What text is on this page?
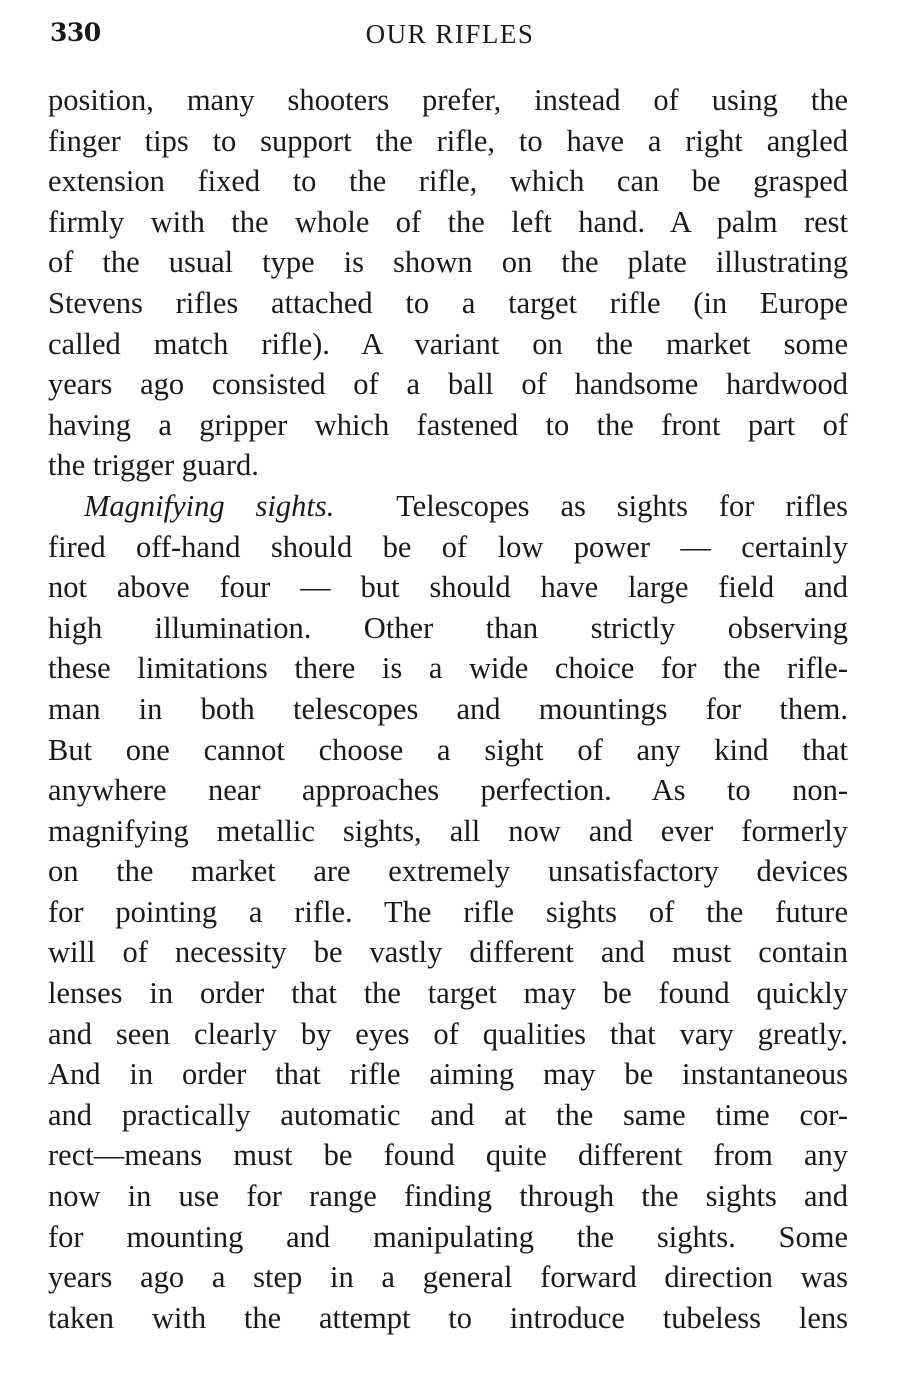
330	OUR RIFLES
position, many shooters prefer, instead of using the
finger tips to support the rifle, to have a right angled
extension fixed to the rifle, which can be grasped
firmly with the whole of the left hand. A palm rest
of the usual type is shown on the plate illustrating
Stevens rifles attached to a target rifle (in Europe
called match rifle). A variant on the market some
years ago consisted of a ball of handsome hardwood
having a gripper which fastened to the front part of
the trigger guard.
Magnifying sights. Telescopes as sights for rifles
fired off-hand should be of low power — certainly
not above four — but should have large field and
high illumination. Other than strictly observing
these limitations there is a wide choice for the rifle-
man in both telescopes and mountings for them.
But one cannot choose a sight of any kind that
anywhere near approaches perfection. As to non-
magnifying metallic sights, all now and ever formerly
on the market are extremely unsatisfactory devices
for pointing a rifle. The rifle sights of the future
will of necessity be vastly different and must contain
lenses in order that the target may be found quickly
and seen clearly by eyes of qualities that vary greatly.
And in order that rifle aiming may be instantaneous
and practically automatic and at the same time cor-
rect—means must be found quite different from any
now in use for range finding through the sights and
for mounting and manipulating the sights. Some
years ago a step in a general forward direction was
taken with the attempt to introduce tubeless lens
